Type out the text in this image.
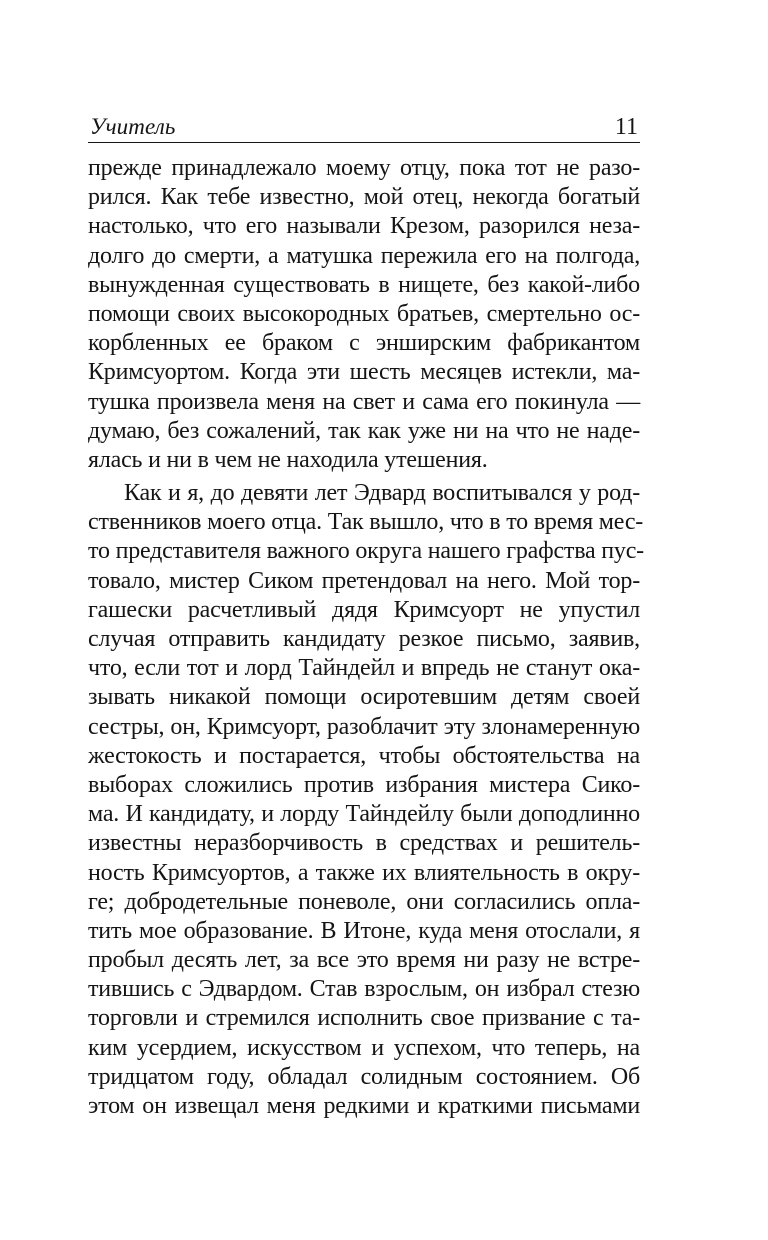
Учитель	11
прежде принадлежало моему отцу, пока тот не разо-
рился. Как тебе известно, мой отец, некогда богатый
настолько, что его называли Крезом, разорился неза-
долго до смерти, а матушка пережила его на полгода,
вынужденная существовать в нищете, без какой-либо
помощи своих высокородных братьев, смертельно ос-
корбленных ее браком с энширским фабрикантом
Кримсуортом. Когда эти шесть месяцев истекли, ма-
тушка произвела меня на свет и сама его покинула —
думаю, без сожалений, так как уже ни на что не наде-
ялась и ни в чем не находила утешения.
Как и я, до девяти лет Эдвард воспитывался у род-
ственников моего отца. Так вышло, что в то время мес-
то представителя важного округа нашего графства пус-
товало, мистер Сиком претендовал на него. Мой тор-
гашески расчетливый дядя Кримсуорт не упустил
случая отправить кандидату резкое письмо, заявив,
что, если тот и лорд Тайндейл и впредь не станут ока-
зывать никакой помощи осиротевшим детям своей
сестры, он, Кримсуорт, разоблачит эту злонамеренную
жестокость и постарается, чтобы обстоятельства на
выборах сложились против избрания мистера Сико-
ма. И кандидату, и лорду Тайндейлу были доподлинно
известны неразборчивость в средствах и решитель-
ность Кримсуортов, а также их влиятельность в окру-
ге; добродетельные поневоле, они согласились опла-
тить мое образование. В Итоне, куда меня отослали, я
пробыл десять лет, за все это время ни разу не встре-
тившись с Эдвардом. Став взрослым, он избрал стезю
торговли и стремился исполнить свое призвание с та-
ким усердием, искусством и успехом, что теперь, на
тридцатом году, обладал солидным состоянием. Об
этом он извещал меня редкими и краткими письмами
